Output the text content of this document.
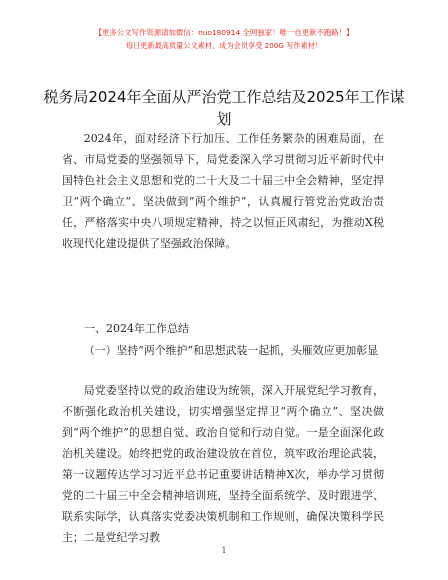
【更多公文写作资源请加微信：nuo180914 全网独家！唯一自更新不跑路！】
每日更新最高质量公文素材，成为会员享受 200G 写作素材！
税务局2024年全面从严治党工作总结及2025年工作谋划
2024年，面对经济下行加压、工作任务繁杂的困难局面，在省、市局党委的坚强领导下，局党委深入学习贯彻习近平新时代中国特色社会主义思想和党的二十大及二十届三中全会精神，坚定捍卫“两个确立”、坚决做到“两个维护”，认真履行管党治党政治责任，严格落实中央八项规定精神，持之以恒正风肃纪，为推动X税收现代化建设提供了坚强政治保障。
一、2024年工作总结
（一）坚持“两个维护”和思想武装一起抓，头雁效应更加彰显
局党委坚持以党的政治建设为统领，深入开展党纪学习教育，不断强化政治机关建设，切实增强坚定捍卫“两个确立”、坚决做到“两个维护”的思想自觉、政治自觉和行动自觉。一是全面深化政治机关建设。始终把党的政治建设放在首位，筑牢政治理论武装，第一议题传达学习习近平总书记重要讲话精神X次，举办学习贯彻党的二十届三中全会精神培训班，坚持全面系统学、及时跟进学、联系实际学，认真落实党委决策机制和工作规则，确保决策科学民主；二是党纪学习教
1
